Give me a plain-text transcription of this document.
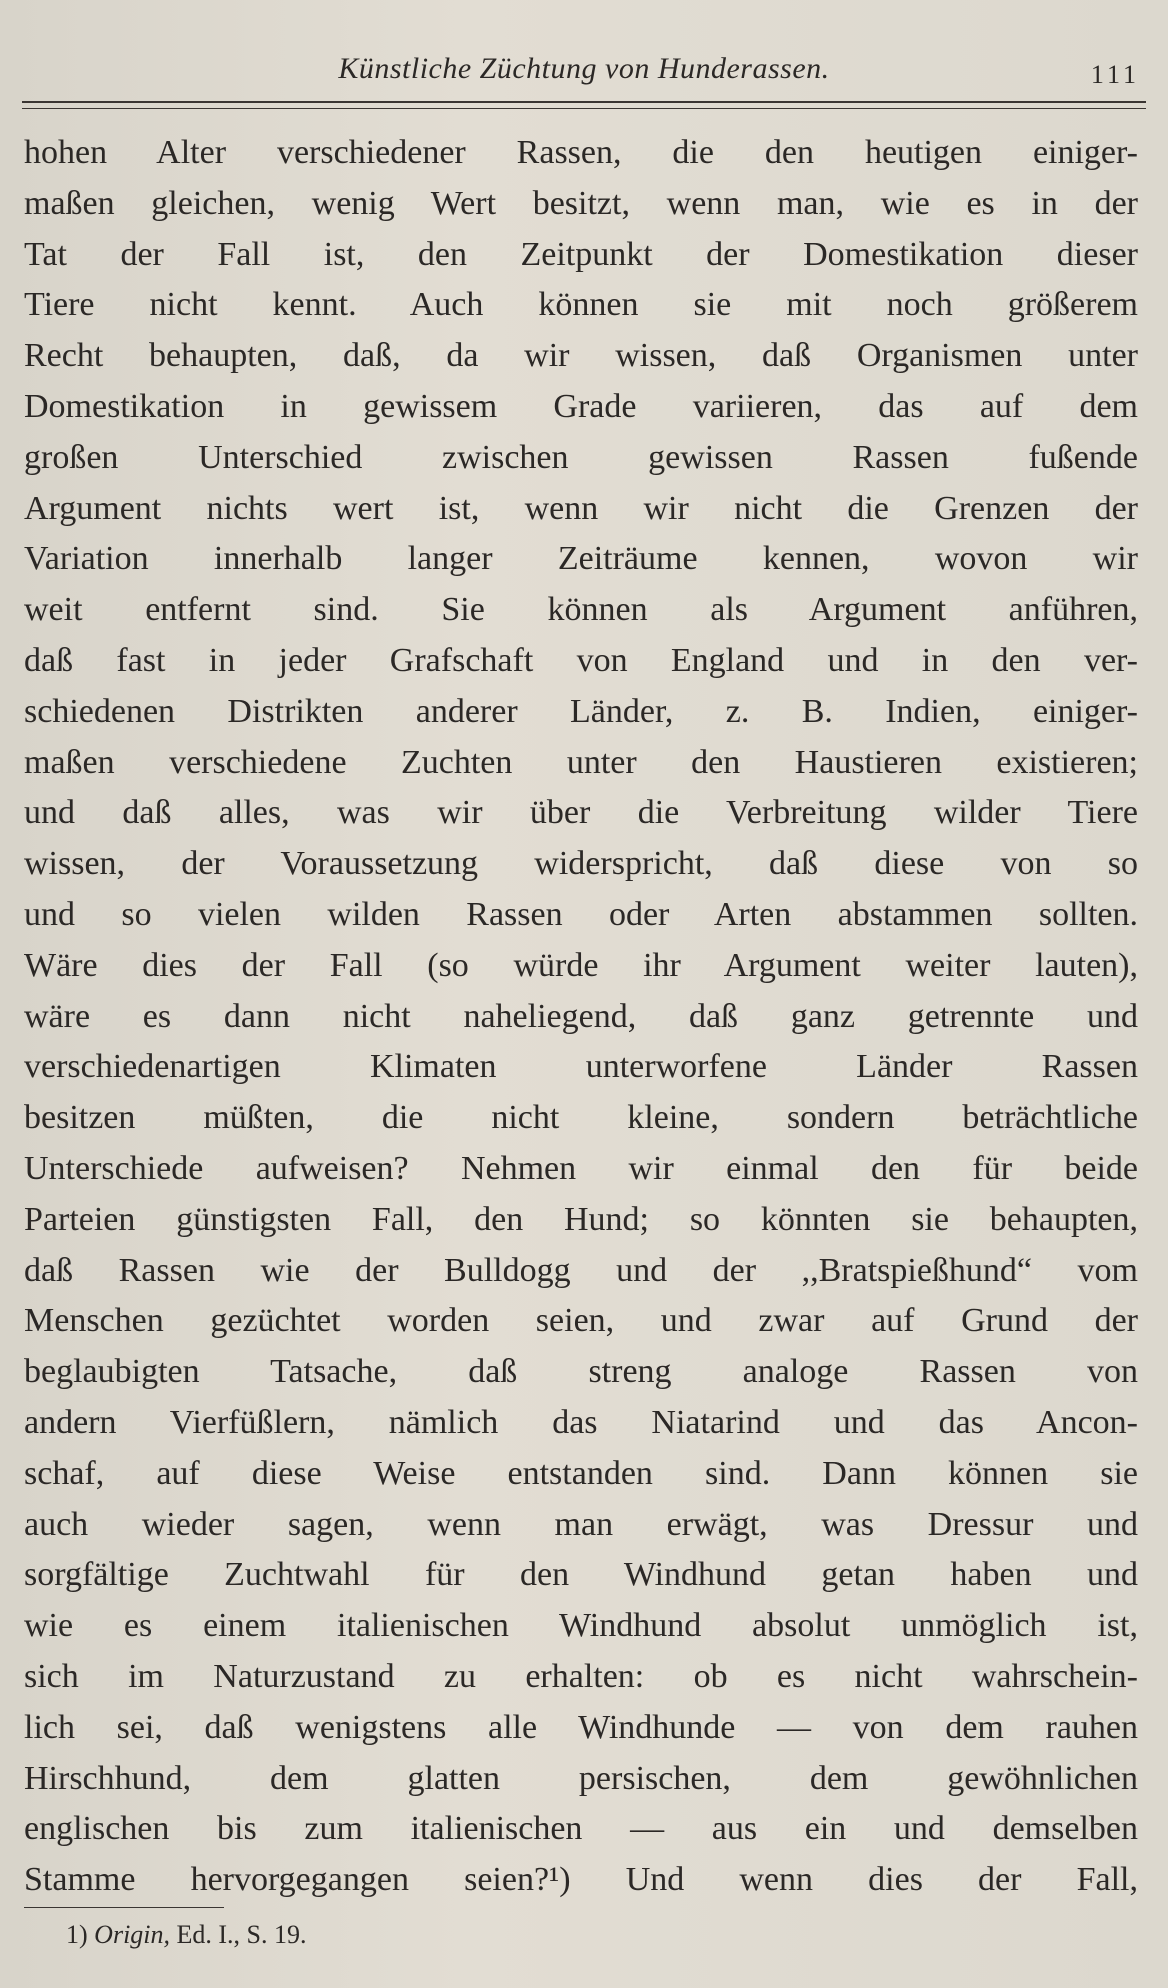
Künstliche Züchtung von Hunderassen.	111
hohen Alter verschiedener Rassen, die den heutigen einiger-
maßen gleichen, wenig Wert besitzt, wenn man, wie es in der
Tat der Fall ist, den Zeitpunkt der Domestikation dieser
Tiere nicht kennt. Auch können sie mit noch größerem
Recht behaupten, daß, da wir wissen, daß Organismen unter
Domestikation in gewissem Grade variieren, das auf dem
großen Unterschied zwischen gewissen Rassen fußende
Argument nichts wert ist, wenn wir nicht die Grenzen der
Variation innerhalb langer Zeiträume kennen, wovon wir
weit entfernt sind. Sie können als Argument anführen,
daß fast in jeder Grafschaft von England und in den ver-
schiedenen Distrikten anderer Länder, z. B. Indien, einiger-
maßen verschiedene Zuchten unter den Haustieren existieren;
und daß alles, was wir über die Verbreitung wilder Tiere
wissen, der Voraussetzung widerspricht, daß diese von so
und so vielen wilden Rassen oder Arten abstammen sollten.
Wäre dies der Fall (so würde ihr Argument weiter lauten),
wäre es dann nicht naheliegend, daß ganz getrennte und
verschiedenartigen Klimaten unterworfene Länder Rassen
besitzen müßten, die nicht kleine, sondern beträchtliche
Unterschiede aufweisen? Nehmen wir einmal den für beide
Parteien günstigsten Fall, den Hund; so könnten sie behaupten,
daß Rassen wie der Bulldogg und der ,,Bratspießhund“ vom
Menschen gezüchtet worden seien, und zwar auf Grund der
beglaubigten Tatsache, daß streng analoge Rassen von
andern Vierfüßlern, nämlich das Niatarind und das Ancon-
schaf, auf diese Weise entstanden sind. Dann können sie
auch wieder sagen, wenn man erwägt, was Dressur und
sorgfältige Zuchtwahl für den Windhund getan haben und
wie es einem italienischen Windhund absolut unmöglich ist,
sich im Naturzustand zu erhalten: ob es nicht wahrschein-
lich sei, daß wenigstens alle Windhunde — von dem rauhen
Hirschhund, dem glatten persischen, dem gewöhnlichen
englischen bis zum italienischen — aus ein und demselben
Stamme hervorgegangen seien?¹) Und wenn dies der Fall,
1) Origin, Ed. I., S. 19.
